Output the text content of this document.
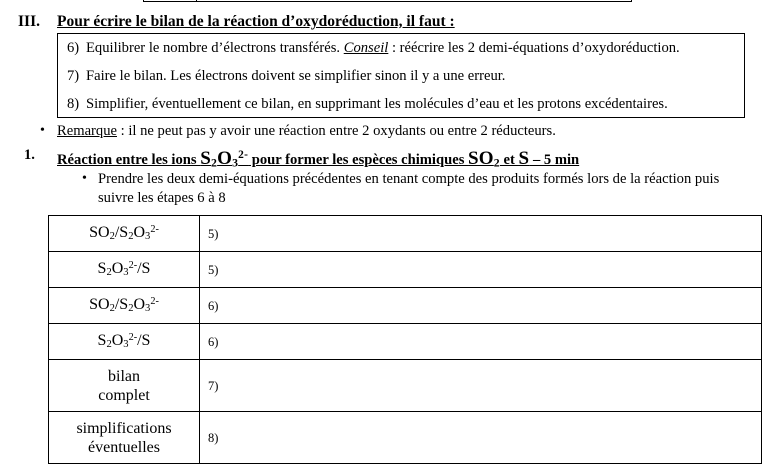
III. Pour écrire le bilan de la réaction d’oxydoréduction, il faut :
6) Equilibrer le nombre d’électrons transférés. Conseil : réécrire les 2 demi-équations d’oxydoréduction.
7) Faire le bilan. Les électrons doivent se simplifier sinon il y a une erreur.
8) Simplifier, éventuellement ce bilan, en supprimant les molécules d’eau et les protons excédentaires.
• Remarque : il ne peut pas y avoir une réaction entre 2 oxydants ou entre 2 réducteurs.
1. Réaction entre les ions $S_2O_3^{2-}$ pour former les espèces chimiques $SO_2$ et S – 5 min
• Prendre les deux demi-équations précédentes en tenant compte des produits formés lors de la réaction puis
suivre les étapes 6 à 8
$SO_2/S_2O_3^{2-}$	5)
$S_2O_3^{2-}/S$	5)
$SO_2/S_2O_3^{2-}$	6)
$S_2O_3^{2-}/S$	6)

bilan
complet	7)

simplifications
éventuelles	8)
